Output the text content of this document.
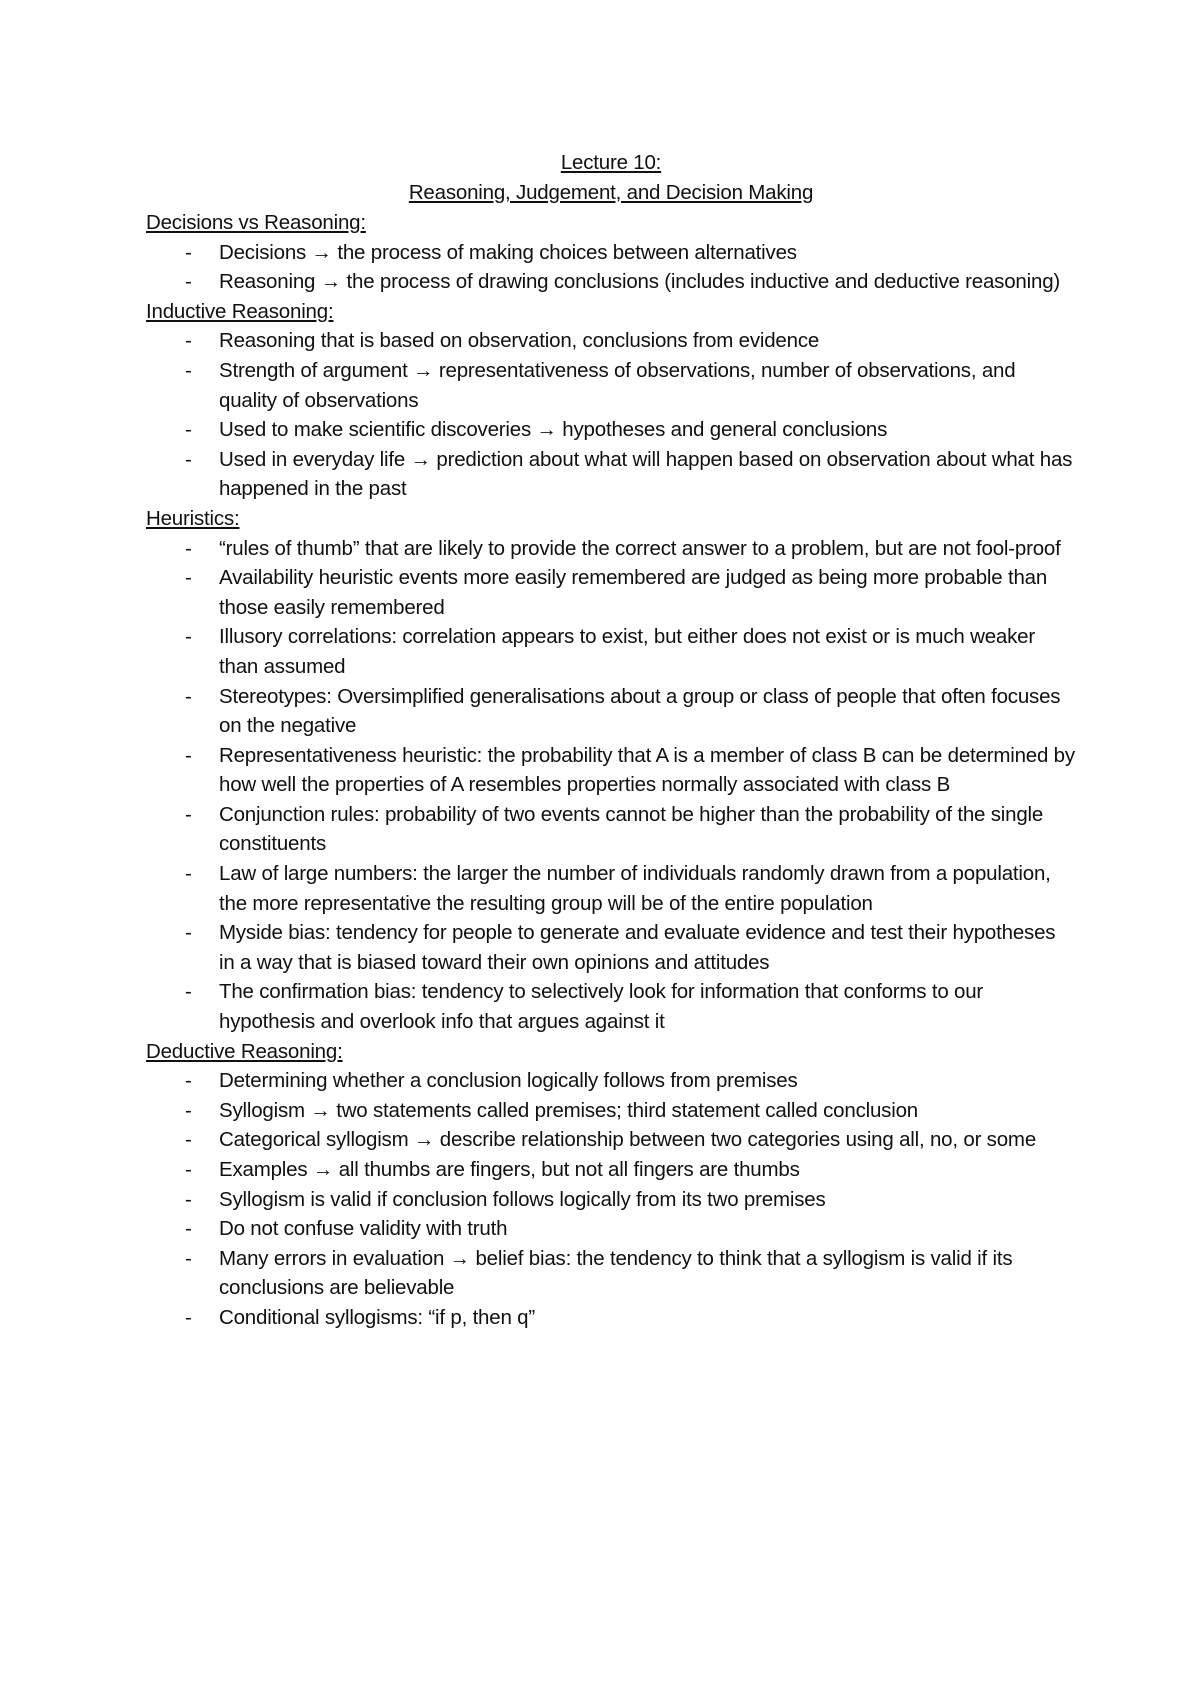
Lecture 10:

Reasoning, Judgement, and Decision Making

Decisions vs Reasoning:
- Decisions → the process of making choices between alternatives
- Reasoning → the process of drawing conclusions (includes inductive and deductive reasoning)
Inductive Reasoning:
- Reasoning that is based on observation, conclusions from evidence
- Strength of argument → representativeness of observations, number of observations, and quality of observations
- Used to make scientific discoveries → hypotheses and general conclusions
- Used in everyday life → prediction about what will happen based on observation about what has happened in the past
Heuristics:
- “rules of thumb” that are likely to provide the correct answer to a problem, but are not fool-proof
- Availability heuristic events more easily remembered are judged as being more probable than those easily remembered
- Illusory correlations: correlation appears to exist, but either does not exist or is much weaker than assumed
- Stereotypes: Oversimplified generalisations about a group or class of people that often focuses on the negative
- Representativeness heuristic: the probability that A is a member of class B can be determined by how well the properties of A resembles properties normally associated with class B
- Conjunction rules: probability of two events cannot be higher than the probability of the single constituents
- Law of large numbers: the larger the number of individuals randomly drawn from a population, the more representative the resulting group will be of the entire population
- Myside bias: tendency for people to generate and evaluate evidence and test their hypotheses in a way that is biased toward their own opinions and attitudes
- The confirmation bias: tendency to selectively look for information that conforms to our hypothesis and overlook info that argues against it
Deductive Reasoning:
- Determining whether a conclusion logically follows from premises
- Syllogism → two statements called premises; third statement called conclusion
- Categorical syllogism → describe relationship between two categories using all, no, or some
- Examples → all thumbs are fingers, but not all fingers are thumbs
- Syllogism is valid if conclusion follows logically from its two premises
- Do not confuse validity with truth
- Many errors in evaluation → belief bias: the tendency to think that a syllogism is valid if its conclusions are believable
- Conditional syllogisms: “if p, then q”
